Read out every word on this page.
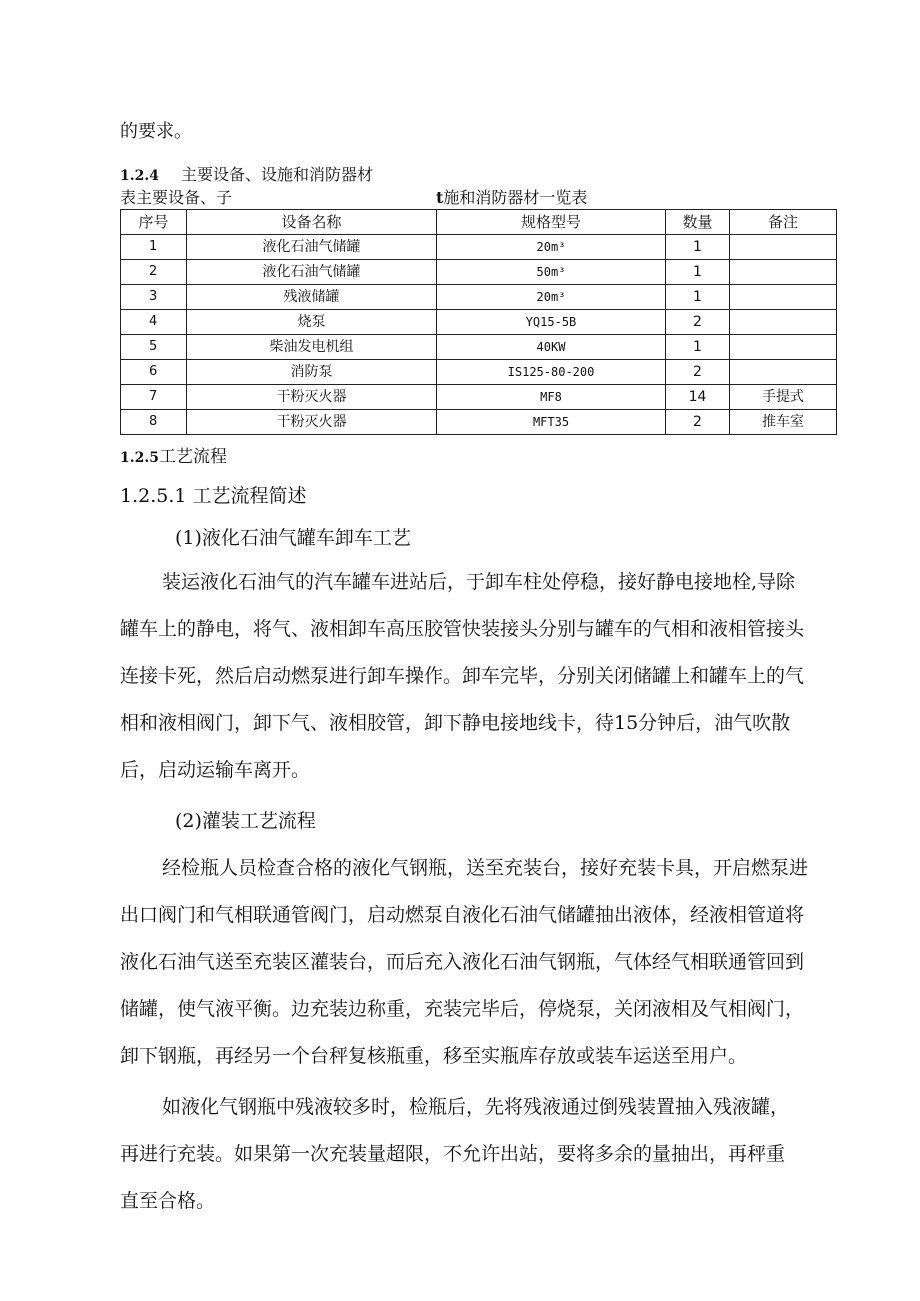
的要求。
1.2.4 主要设备、设施和消防器材
表主要设备、子	t施和消防器材一览表
序号	设备名称	规格型号	数量	备注
1	液化石油气储罐	20m³	1	
2	液化石油气储罐	50m³	1	
3	残液储罐	20m³	1	
4	烧泵	YQ15-5B	2	
5	柴油发电机组	40KW	1	
6	消防泵	IS125-80-200	2	
7	干粉灭火器	MF8	14	手提式
8	干粉灭火器	MFT35	2	推车室
1.2.5工艺流程
1.2.5.1 工艺流程简述
(1)液化石油气罐车卸车工艺

装运液化石油气的汽车罐车进站后，于卸车柱处停稳，接好静电接地栓,导除

罐车上的静电，将气、液相卸车高压胶管快装接头分别与罐车的气相和液相管接头

连接卡死，然后启动燃泵进行卸车操作。卸车完毕，分别关闭储罐上和罐车上的气

相和液相阀门，卸下气、液相胶管，卸下静电接地线卡，待15分钟后，油气吹散

后，启动运输车离开。

(2)灌装工艺流程

经检瓶人员检查合格的液化气钢瓶，送至充装台，接好充装卡具，开启燃泵进

出口阀门和气相联通管阀门，启动燃泵自液化石油气储罐抽出液体，经液相管道将

液化石油气送至充装区灌装台，而后充入液化石油气钢瓶，气体经气相联通管回到

储罐，使气液平衡。边充装边称重，充装完毕后，停烧泵，关闭液相及气相阀门，

卸下钢瓶，再经另一个台秤复核瓶重，移至实瓶库存放或装车运送至用户。

如液化气钢瓶中残液较多时，检瓶后，先将残液通过倒残装置抽入残液罐，

再进行充装。如果第一次充装量超限，不允许出站，要将多余的量抽出，再秤重

直至合格。
